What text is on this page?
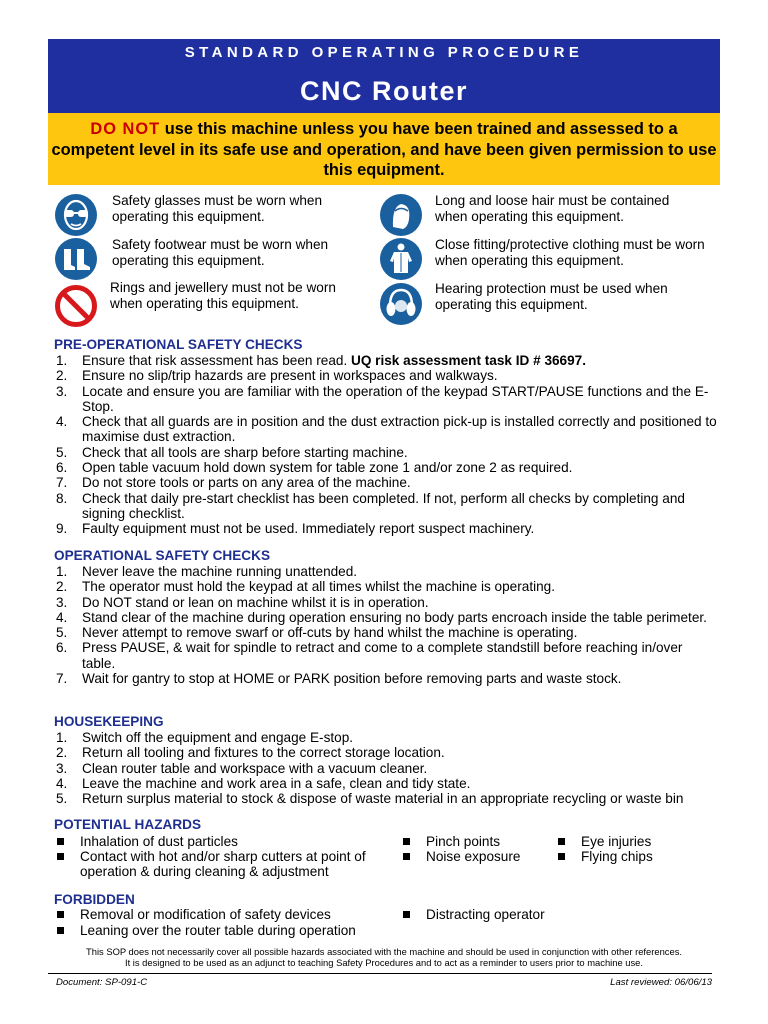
STANDARD OPERATING PROCEDURE
CNC Router
DO NOT use this machine unless you have been trained and assessed to a competent level in its safe use and operation, and have been given permission to use this equipment.
Safety glasses must be worn when operating this equipment.
Long and loose hair must be contained when operating this equipment.
Safety footwear must be worn when operating this equipment.
Close fitting/protective clothing must be worn when operating this equipment.
Rings and jewellery must not be worn when operating this equipment.
Hearing protection must be used when operating this equipment.
PRE-OPERATIONAL SAFETY CHECKS
1. Ensure that risk assessment has been read. UQ risk assessment task ID # 36697.
2. Ensure no slip/trip hazards are present in workspaces and walkways.
3. Locate and ensure you are familiar with the operation of the keypad START/PAUSE functions and the E-Stop.
4. Check that all guards are in position and the dust extraction pick-up is installed correctly and positioned to maximise dust extraction.
5. Check that all tools are sharp before starting machine.
6. Open table vacuum hold down system for table zone 1 and/or zone 2 as required.
7. Do not store tools or parts on any area of the machine.
8. Check that daily pre-start checklist has been completed. If not, perform all checks by completing and signing checklist.
9. Faulty equipment must not be used. Immediately report suspect machinery.
OPERATIONAL SAFETY CHECKS
1. Never leave the machine running unattended.
2. The operator must hold the keypad at all times whilst the machine is operating.
3. Do NOT stand or lean on machine whilst it is in operation.
4. Stand clear of the machine during operation ensuring no body parts encroach inside the table perimeter.
5. Never attempt to remove swarf or off-cuts by hand whilst the machine is operating.
6. Press PAUSE, & wait for spindle to retract and come to a complete standstill before reaching in/over table.
7. Wait for gantry to stop at HOME or PARK position before removing parts and waste stock.
HOUSEKEEPING
1. Switch off the equipment and engage E-stop.
2. Return all tooling and fixtures to the correct storage location.
3. Clean router table and workspace with a vacuum cleaner.
4. Leave the machine and work area in a safe, clean and tidy state.
5. Return surplus material to stock & dispose of waste material in an appropriate recycling or waste bin
POTENTIAL HAZARDS
Inhalation of dust particles
Contact with hot and/or sharp cutters at point of operation & during cleaning & adjustment
Pinch points
Noise exposure
Eye injuries
Flying chips
FORBIDDEN
Removal or modification of safety devices
Leaning over the router table during operation
Distracting operator
This SOP does not necessarily cover all possible hazards associated with the machine and should be used in conjunction with other references.
It is designed to be used as an adjunct to teaching Safety Procedures and to act as a reminder to users prior to machine use.
Document: SP-091-C	Last reviewed: 06/06/13
